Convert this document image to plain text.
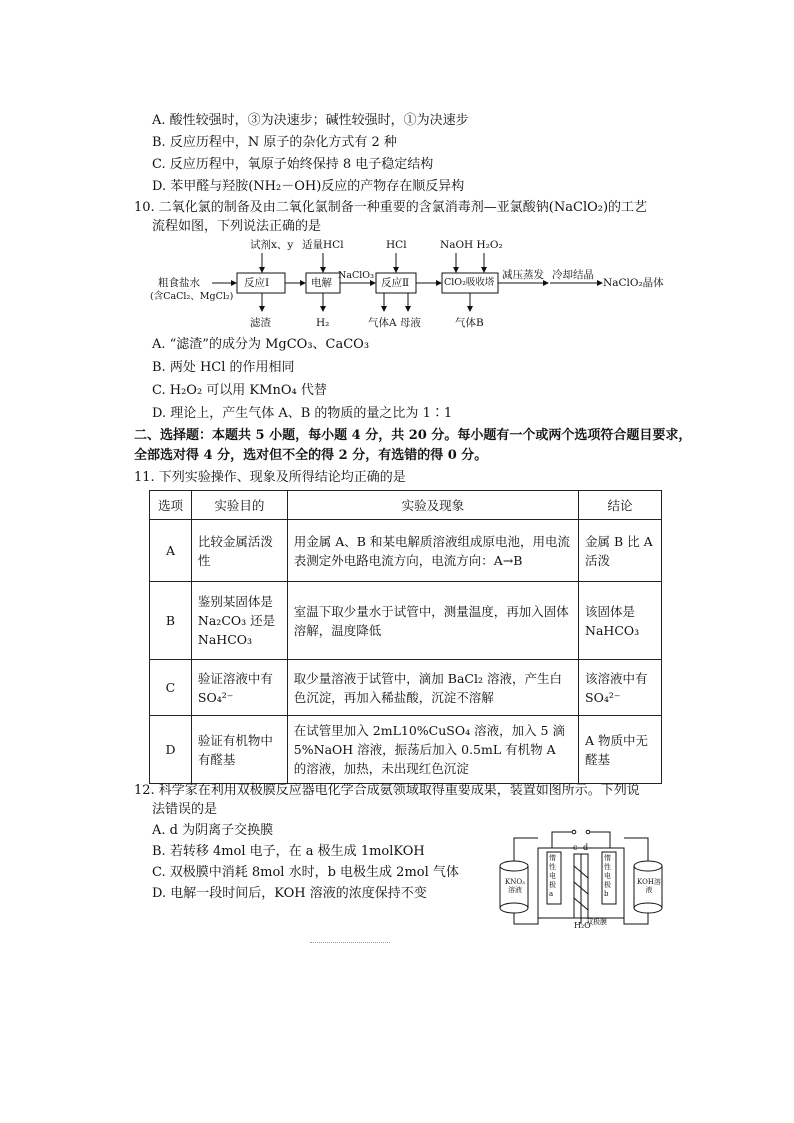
A. 酸性较强时，③为决速步；碱性较强时，①为决速步
B. 反应历程中，N 原子的杂化方式有 2 种
C. 反应历程中，氧原子始终保持 8 电子稳定结构
D. 苯甲醛与羟胺(NH₂－OH)反应的产物存在顺反异构
10. 二氧化氯的制备及由二氧化氯制备一种重要的含氯消毒剂—亚氯酸钠(NaClO₂)的工艺
流程如图，下列说法正确的是
粗食盐水
(含CaCl₂、MgCl₂)
试剂x、y 适量HCl	HCl	NaOH H₂O₂
反应Ⅰ	电解	反应Ⅱ	ClO₂吸收塔
NaClO₃	减压蒸发 冷却结晶
NaClO₂晶体
滤渣	H₂	气体A 母液	气体B
A. “滤渣”的成分为 MgCO₃、CaCO₃
B. 两处 HCl 的作用相同
C. H₂O₂ 可以用 KMnO₄ 代替
D. 理论上，产生气体 A、B 的物质的量之比为 1∶1
二、选择题：本题共 5 小题，每小题 4 分，共 20 分。每小题有一个或两个选项符合题目要求，
全部选对得 4 分，选对但不全的得 2 分，有选错的得 0 分。
11. 下列实验操作、现象及所得结论均正确的是
选项	实验目的	实验及现象	结论
A	比较金属活泼性	用金属 A、B 和某电解质溶液组成原电池，用电流表测定外电路电流方向，电流方向：A→B	金属 B 比 A 活泼
B	鉴别某固体是 Na₂CO₃ 还是 NaHCO₃	室温下取少量水于试管中，测量温度，再加入固体溶解，温度降低	该固体是 NaHCO₃
C	验证溶液中有 SO₄²⁻	取少量溶液于试管中，滴加 BaCl₂ 溶液，产生白色沉淀，再加入稀盐酸，沉淀不溶解	该溶液中有 SO₄²⁻
D	验证有机物中有醛基	在试管里加入 2mL10%CuSO₄ 溶液，加入 5 滴 5%NaOH 溶液，振荡后加入 0.5mL 有机物 A 的溶液，加热，未出现红色沉淀	A 物质中无醛基
12. 科学家在利用双极膜反应器电化学合成氨领域取得重要成果，装置如图所示。下列说
法错误的是
A. d 为阴离子交换膜
B. 若转移 4mol 电子，在 a 极生成 1molKOH
C. 双极膜中消耗 8mol 水时，b 电极生成 2mol 气体
D. 电解一段时间后，KOH 溶液的浓度保持不变
KNO₃溶液
KOH溶液
惰性电极a
惰性电极b
c d
双极膜
H₂O
